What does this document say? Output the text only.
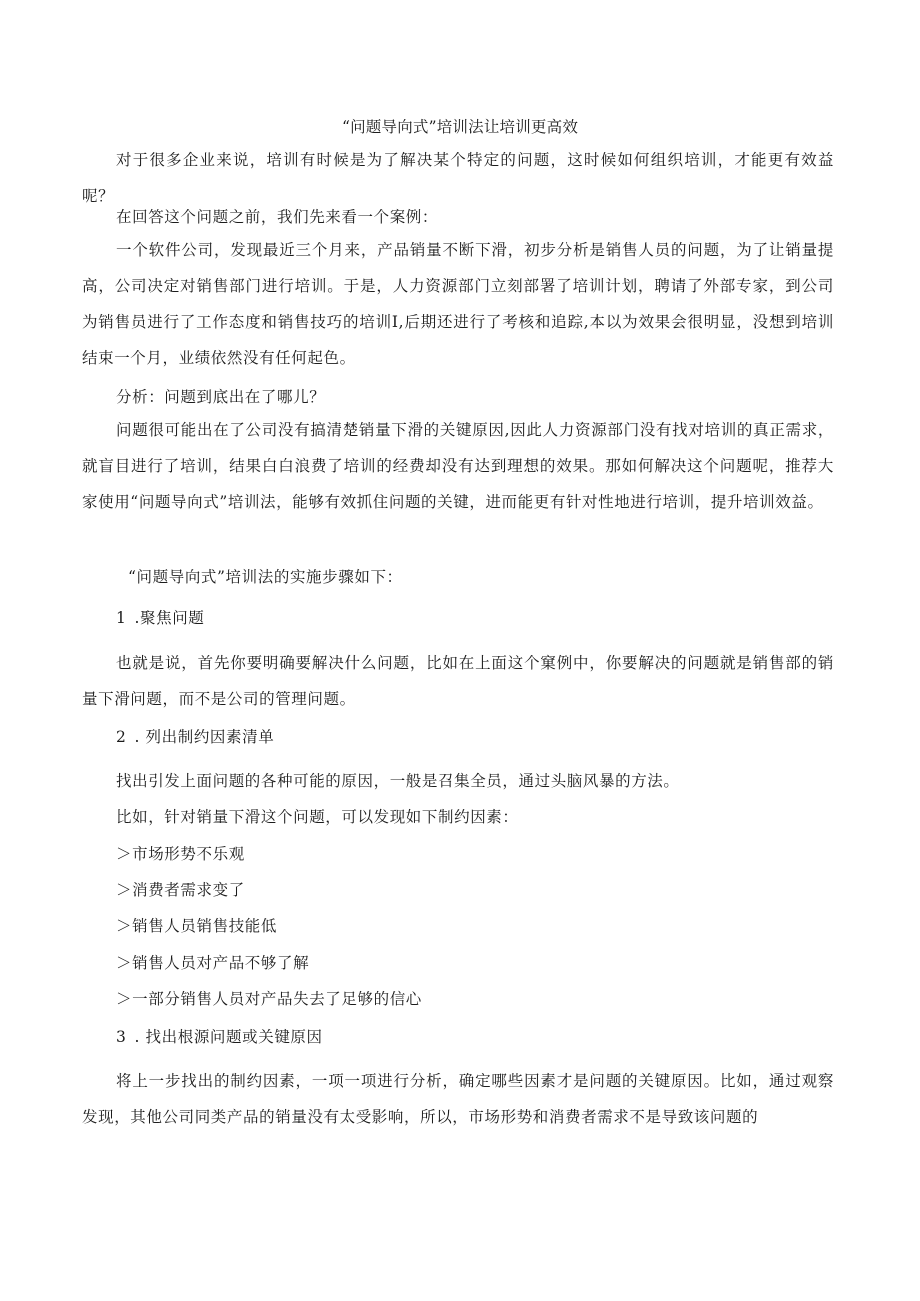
“问题导向式”培训法让培训更高效
对于很多企业来说，培训有时候是为了解决某个特定的问题，这时候如何组织培训，才能更有效益呢？
在回答这个问题之前，我们先来看一个案例：
一个软件公司，发现最近三个月来，产品销量不断下滑，初步分析是销售人员的问题，为了让销量提高，公司决定对销售部门进行培训。于是，人力资源部门立刻部署了培训计划，聘请了外部专家，到公司为销售员进行了工作态度和销售技巧的培训I,后期还进行了考核和追踪,本以为效果会很明显，没想到培训结束一个月，业绩依然没有任何起色。
分析：问题到底出在了哪儿？
问题很可能出在了公司没有搞清楚销量下滑的关键原因,因此人力资源部门没有找对培训的真正需求，就盲目进行了培训，结果白白浪费了培训的经费却没有达到理想的效果。那如何解决这个问题呢，推荐大家使用“问题导向式”培训法，能够有效抓住问题的关键，进而能更有针对性地进行培训，提升培训效益。
“问题导向式”培训法的实施步骤如下：
1 .聚焦问题
也就是说，首先你要明确要解决什么问题，比如在上面这个窠例中，你要解决的问题就是销售部的销量下滑问题，而不是公司的管理问题。
2 . 列出制约因素清单
找出引发上面问题的各种可能的原因，一般是召集全员，通过头脑风暴的方法。
比如，针对销量下滑这个问题，可以发现如下制约因素：
＞市场形势不乐观
＞消费者需求变了
＞销售人员销售技能低
＞销售人员对产品不够了解
＞一部分销售人员对产品失去了足够的信心
3 . 找出根源问题或关键原因
将上一步找出的制约因素，一项一项进行分析，确定哪些因素才是问题的关键原因。比如，通过观察发现，其他公司同类产品的销量没有太受影响，所以，市场形势和消费者需求不是导致该问题的
